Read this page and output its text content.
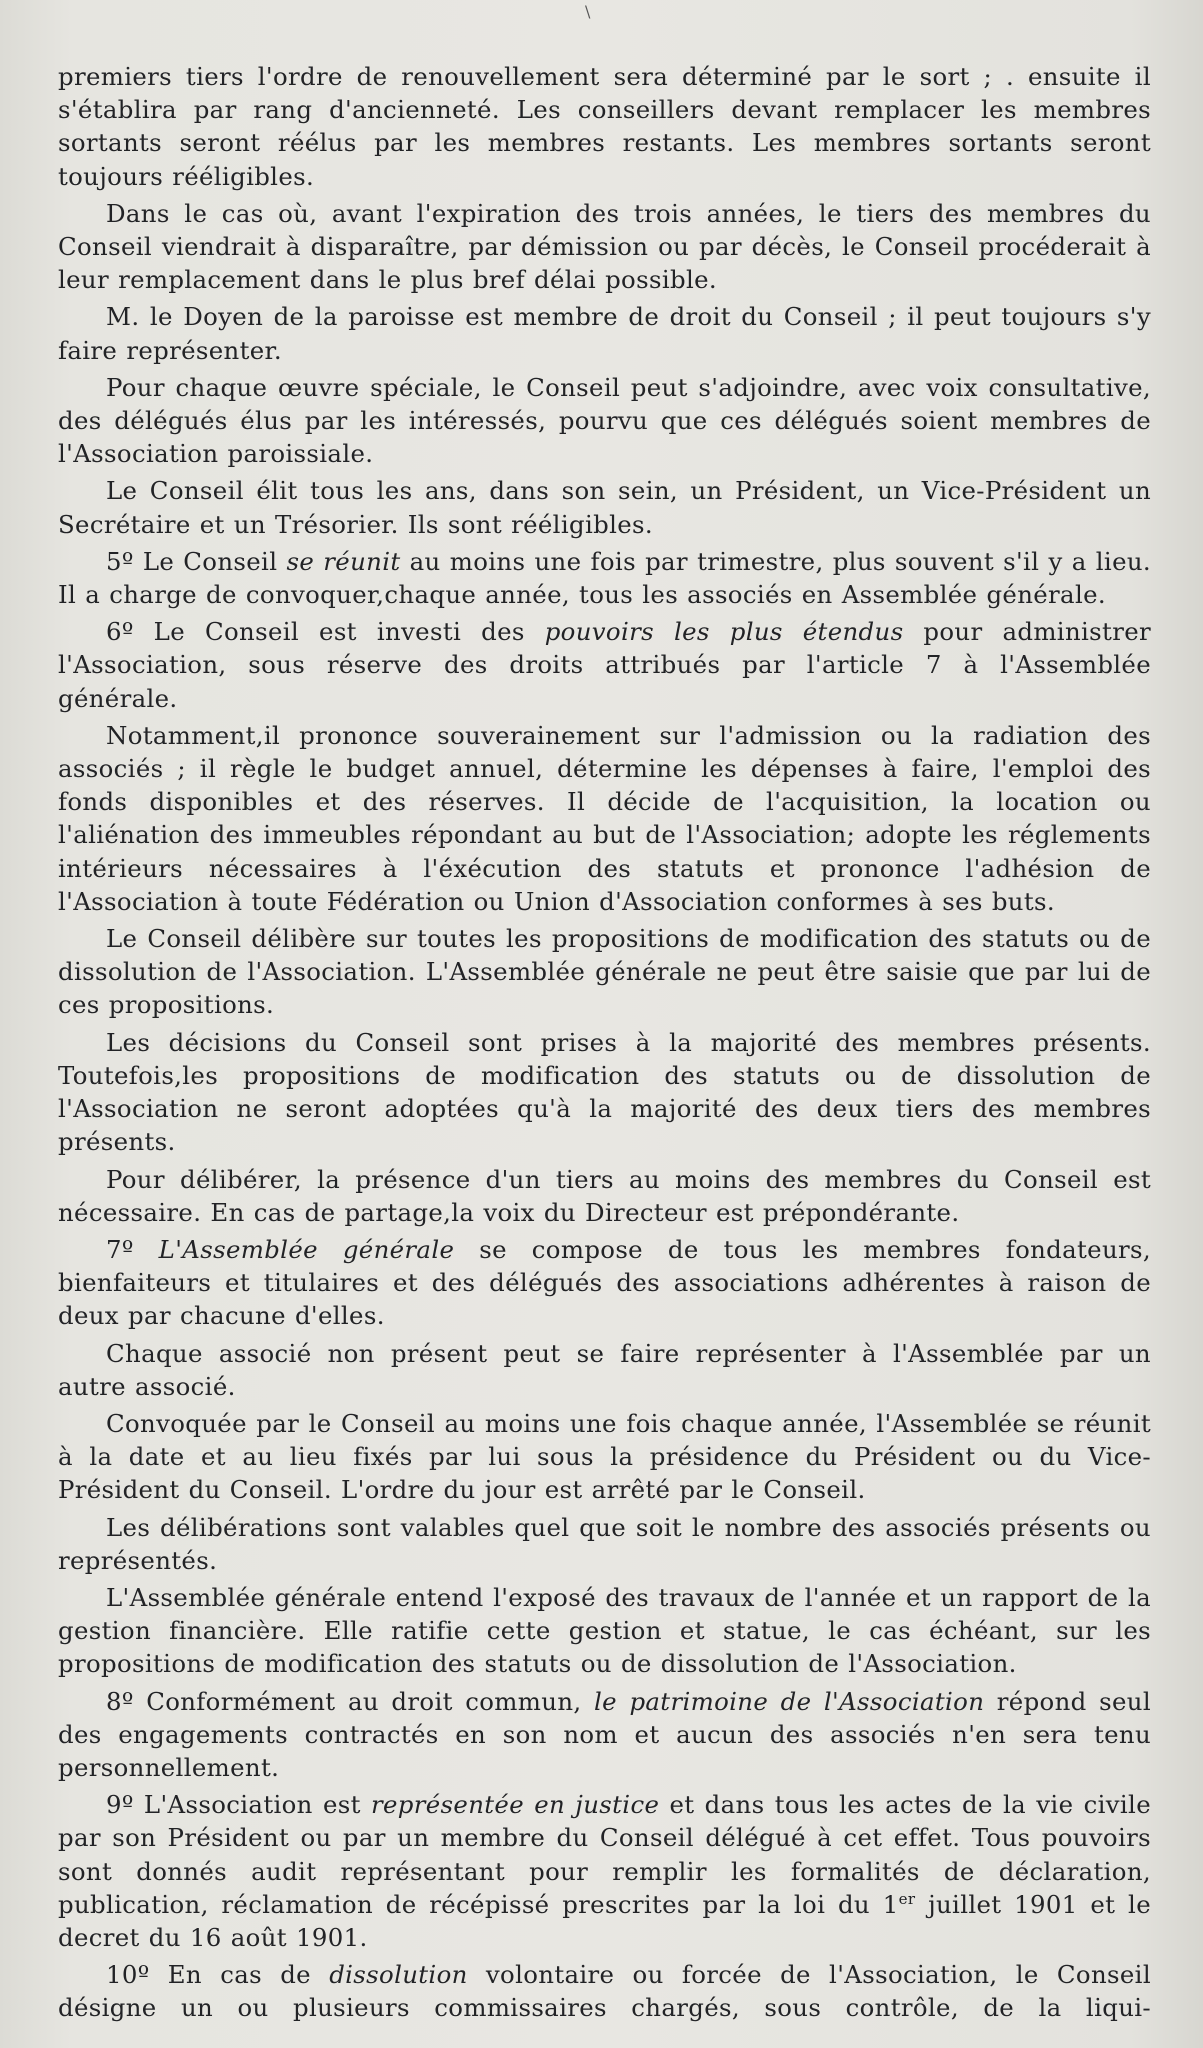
\

premiers tiers l'ordre de renouvellement sera déterminé par le sort ; . ensuite il s'établira par rang d'ancienneté. Les conseillers devant remplacer les membres sortants seront réélus par les membres restants. Les membres sortants seront toujours rééligibles.

Dans le cas où, avant l'expiration des trois années, le tiers des membres du Conseil viendrait à disparaître, par démission ou par décès, le Conseil procéderait à leur remplacement dans le plus bref délai possible.

M. le Doyen de la paroisse est membre de droit du Conseil ; il peut toujours s'y faire représenter.

Pour chaque œuvre spéciale, le Conseil peut s'adjoindre, avec voix consultative, des délégués élus par les intéressés, pourvu que ces délégués soient membres de l'Association paroissiale.

Le Conseil élit tous les ans, dans son sein, un Président, un Vice-Président un Secrétaire et un Trésorier. Ils sont rééligibles.

5º Le Conseil se réunit au moins une fois par trimestre, plus souvent s'il y a lieu. Il a charge de convoquer,chaque année, tous les associés en Assemblée générale.

6º Le Conseil est investi des pouvoirs les plus étendus pour administrer l'Association, sous réserve des droits attribués par l'article 7 à l'Assemblée générale.

Notamment,il prononce souverainement sur l'admission ou la radiation des associés ; il règle le budget annuel, détermine les dépenses à faire, l'emploi des fonds disponibles et des réserves. Il décide de l'acquisition, la location ou l'aliénation des immeubles répondant au but de l'Association; adopte les réglements intérieurs nécessaires à l'éxécution des statuts et prononce l'adhésion de l'Association à toute Fédération ou Union d'Association conformes à ses buts.

Le Conseil délibère sur toutes les propositions de modification des statuts ou de dissolution de l'Association. L'Assemblée générale ne peut être saisie que par lui de ces propositions.

Les décisions du Conseil sont prises à la majorité des membres présents. Toutefois,les propositions de modification des statuts ou de dissolution de l'Association ne seront adoptées qu'à la majorité des deux tiers des membres présents.

Pour délibérer, la présence d'un tiers au moins des membres du Conseil est nécessaire. En cas de partage,la voix du Directeur est prépondérante.

7º L'Assemblée générale se compose de tous les membres fondateurs, bienfaiteurs et titulaires et des délégués des associations adhérentes à raison de deux par chacune d'elles.

Chaque associé non présent peut se faire représenter à l'Assemblée par un autre associé.

Convoquée par le Conseil au moins une fois chaque année, l'Assemblée se réunit à la date et au lieu fixés par lui sous la présidence du Président ou du Vice-Président du Conseil. L'ordre du jour est arrêté par le Conseil.

Les délibérations sont valables quel que soit le nombre des associés présents ou représentés.

L'Assemblée générale entend l'exposé des travaux de l'année et un rapport de la gestion financière. Elle ratifie cette gestion et statue, le cas échéant, sur les propositions de modification des statuts ou de dissolution de l'Association.

8º Conformément au droit commun, le patrimoine de l'Association répond seul des engagements contractés en son nom et aucun des associés n'en sera tenu personnellement.

9º L'Association est représentée en justice et dans tous les actes de la vie civile par son Président ou par un membre du Conseil délégué à cet effet. Tous pouvoirs sont donnés audit représentant pour remplir les formalités de déclaration, publication, réclamation de récépissé prescrites par la loi du 1er juillet 1901 et le decret du 16 août 1901.

10º En cas de dissolution volontaire ou forcée de l'Association, le Conseil désigne un ou plusieurs commissaires chargés, sous contrôle, de la liqui-
